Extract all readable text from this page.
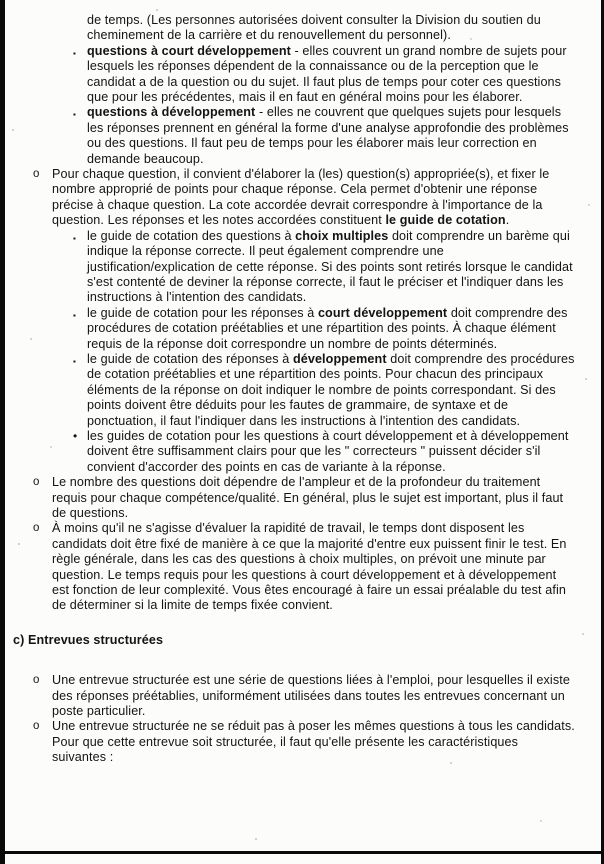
de temps. (Les personnes autorisées doivent consulter la Division du soutien du cheminement de la carrière et du renouvellement du personnel).
▪ questions à court développement - elles couvrent un grand nombre de sujets pour lesquels les réponses dépendent de la connaissance ou de la perception que le candidat a de la question ou du sujet. Il faut plus de temps pour coter ces questions que pour les précédentes, mais il en faut en général moins pour les élaborer.
▪ questions à développement - elles ne couvrent que quelques sujets pour lesquels les réponses prennent en général la forme d'une analyse approfondie des problèmes ou des questions. Il faut peu de temps pour les élaborer mais leur correction en demande beaucoup.
o Pour chaque question, il convient d'élaborer la (les) question(s) appropriée(s), et fixer le nombre approprié de points pour chaque réponse. Cela permet d'obtenir une réponse précise à chaque question. La cote accordée devrait correspondre à l'importance de la question. Les réponses et les notes accordées constituent le guide de cotation.
▪ le guide de cotation des questions à choix multiples doit comprendre un barème qui indique la réponse correcte. Il peut également comprendre une justification/explication de cette réponse. Si des points sont retirés lorsque le candidat s'est contenté de deviner la réponse correcte, il faut le préciser et l'indiquer dans les instructions à l'intention des candidats.
▪ le guide de cotation pour les réponses à court développement doit comprendre des procédures de cotation préétablies et une répartition des points. À chaque élément requis de la réponse doit correspondre un nombre de points déterminés.
▪ le guide de cotation des réponses à développement doit comprendre des procédures de cotation préétablies et une répartition des points. Pour chacun des principaux éléments de la réponse on doit indiquer le nombre de points correspondant. Si des points doivent être déduits pour les fautes de grammaire, de syntaxe et de ponctuation, il faut l'indiquer dans les instructions à l'intention des candidats.
• les guides de cotation pour les questions à court développement et à développement doivent être suffisamment clairs pour que les " correcteurs " puissent décider s'il convient d'accorder des points en cas de variante à la réponse.
o Le nombre des questions doit dépendre de l'ampleur et de la profondeur du traitement requis pour chaque compétence/qualité. En général, plus le sujet est important, plus il faut de questions.
o À moins qu'il ne s'agisse d'évaluer la rapidité de travail, le temps dont disposent les candidats doit être fixé de manière à ce que la majorité d'entre eux puissent finir le test. En règle générale, dans les cas des questions à choix multiples, on prévoit une minute par question. Le temps requis pour les questions à court développement et à développement est fonction de leur complexité. Vous êtes encouragé à faire un essai préalable du test afin de déterminer si la limite de temps fixée convient.
c) Entrevues structurées
o Une entrevue structurée est une série de questions liées à l'emploi, pour lesquelles il existe des réponses préétablies, uniformément utilisées dans toutes les entrevues concernant un poste particulier.
o Une entrevue structurée ne se réduit pas à poser les mêmes questions à tous les candidats. Pour que cette entrevue soit structurée, il faut qu'elle présente les caractéristiques suivantes :
